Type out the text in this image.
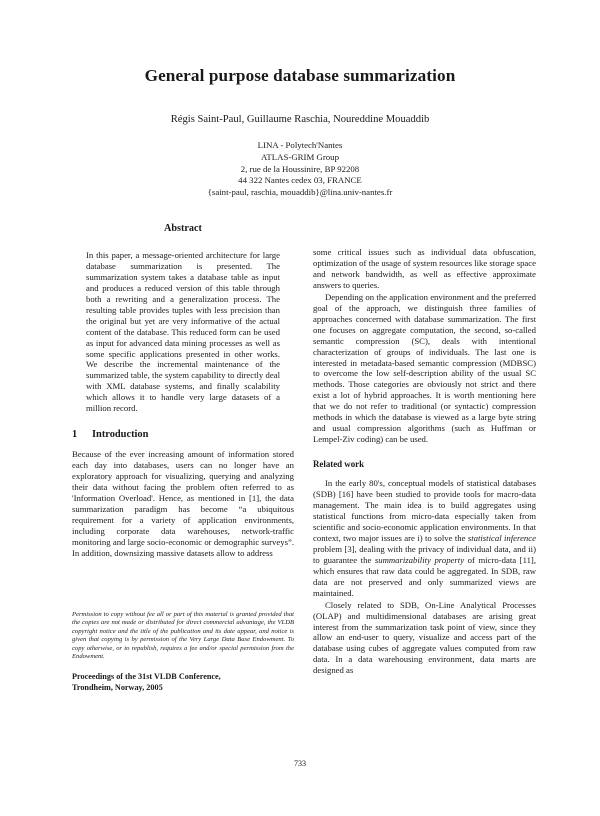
General purpose database summarization
Régis Saint-Paul, Guillaume Raschia, Noureddine Mouaddib
LINA - Polytech'Nantes
ATLAS-GRIM Group
2, rue de la Houssinire, BP 92208
44 322 Nantes cedex 03, FRANCE
{saint-paul, raschia, mouaddib}@lina.univ-nantes.fr
Abstract

In this paper, a message-oriented architecture for large database summarization is presented. The summarization system takes a database table as input and produces a reduced version of this table through both a rewriting and a generalization process. The resulting table provides tuples with less precision than the original but yet are very informative of the actual content of the database. This reduced form can be used as input for advanced data mining processes as well as some specific applications presented in other works. We describe the incremental maintenance of the summarized table, the system capability to directly deal with XML database systems, and finally scalability which allows it to handle very large datasets of a million record.

1 Introduction

Because of the ever increasing amount of information stored each day into databases, users can no longer have an exploratory approach for visualizing, querying and analyzing their data without facing the problem often referred to as 'Information Overload'. Hence, as mentioned in [1], the data summarization paradigm has become “a ubiquitous requirement for a variety of application environments, including corporate data warehouses, network-traffic monitoring and large socio-economic or demographic surveys”. In addition, downsizing massive datasets allow to address

some critical issues such as individual data obfuscation, optimization of the usage of system resources like storage space and network bandwidth, as well as effective approximate answers to queries.

Depending on the application environment and the preferred goal of the approach, we distinguish three families of approaches concerned with database summarization. The first one focuses on aggregate computation, the second, so-called semantic compression (SC), deals with intentional characterization of groups of individuals. The last one is interested in metadata-based semantic compression (MDBSC) to overcome the low self-description ability of the usual SC methods. Those categories are obviously not strict and there exist a lot of hybrid approaches. It is worth mentioning here that we do not refer to traditional (or syntactic) compression methods in which the database is viewed as a large byte string and usual compression algorithms (such as Huffman or Lempel-Ziv coding) can be used.

Related work

In the early 80's, conceptual models of statistical databases (SDB) [16] have been studied to provide tools for macro-data management. The main idea is to build aggregates using statistical functions from micro-data especially taken from scientific and socio-economic application environments. In that context, two major issues are i) to solve the statistical inference problem [3], dealing with the privacy of individual data, and ii) to guarantee the summarizability property of micro-data [11], which ensures that raw data could be aggregated. In SDB, raw data are not preserved and only summarized views are maintained.

Closely related to SDB, On-Line Analytical Processes (OLAP) and multidimensional databases are arising great interest from the summarization task point of view, since they allow an end-user to query, visualize and access part of the database using cubes of aggregate values computed from raw data. In a data warehousing environment, data marts are designed as

Permission to copy without fee all or part of this material is granted provided that the copies are not made or distributed for direct commercial advantage, the VLDB copyright notice and the title of the publication and its date appear, and notice is given that copying is by permission of the Very Large Data Base Endowment. To copy otherwise, or to republish, requires a fee and/or special permission from the Endowment.
Proceedings of the 31st VLDB Conference,
Trondheim, Norway, 2005
733
